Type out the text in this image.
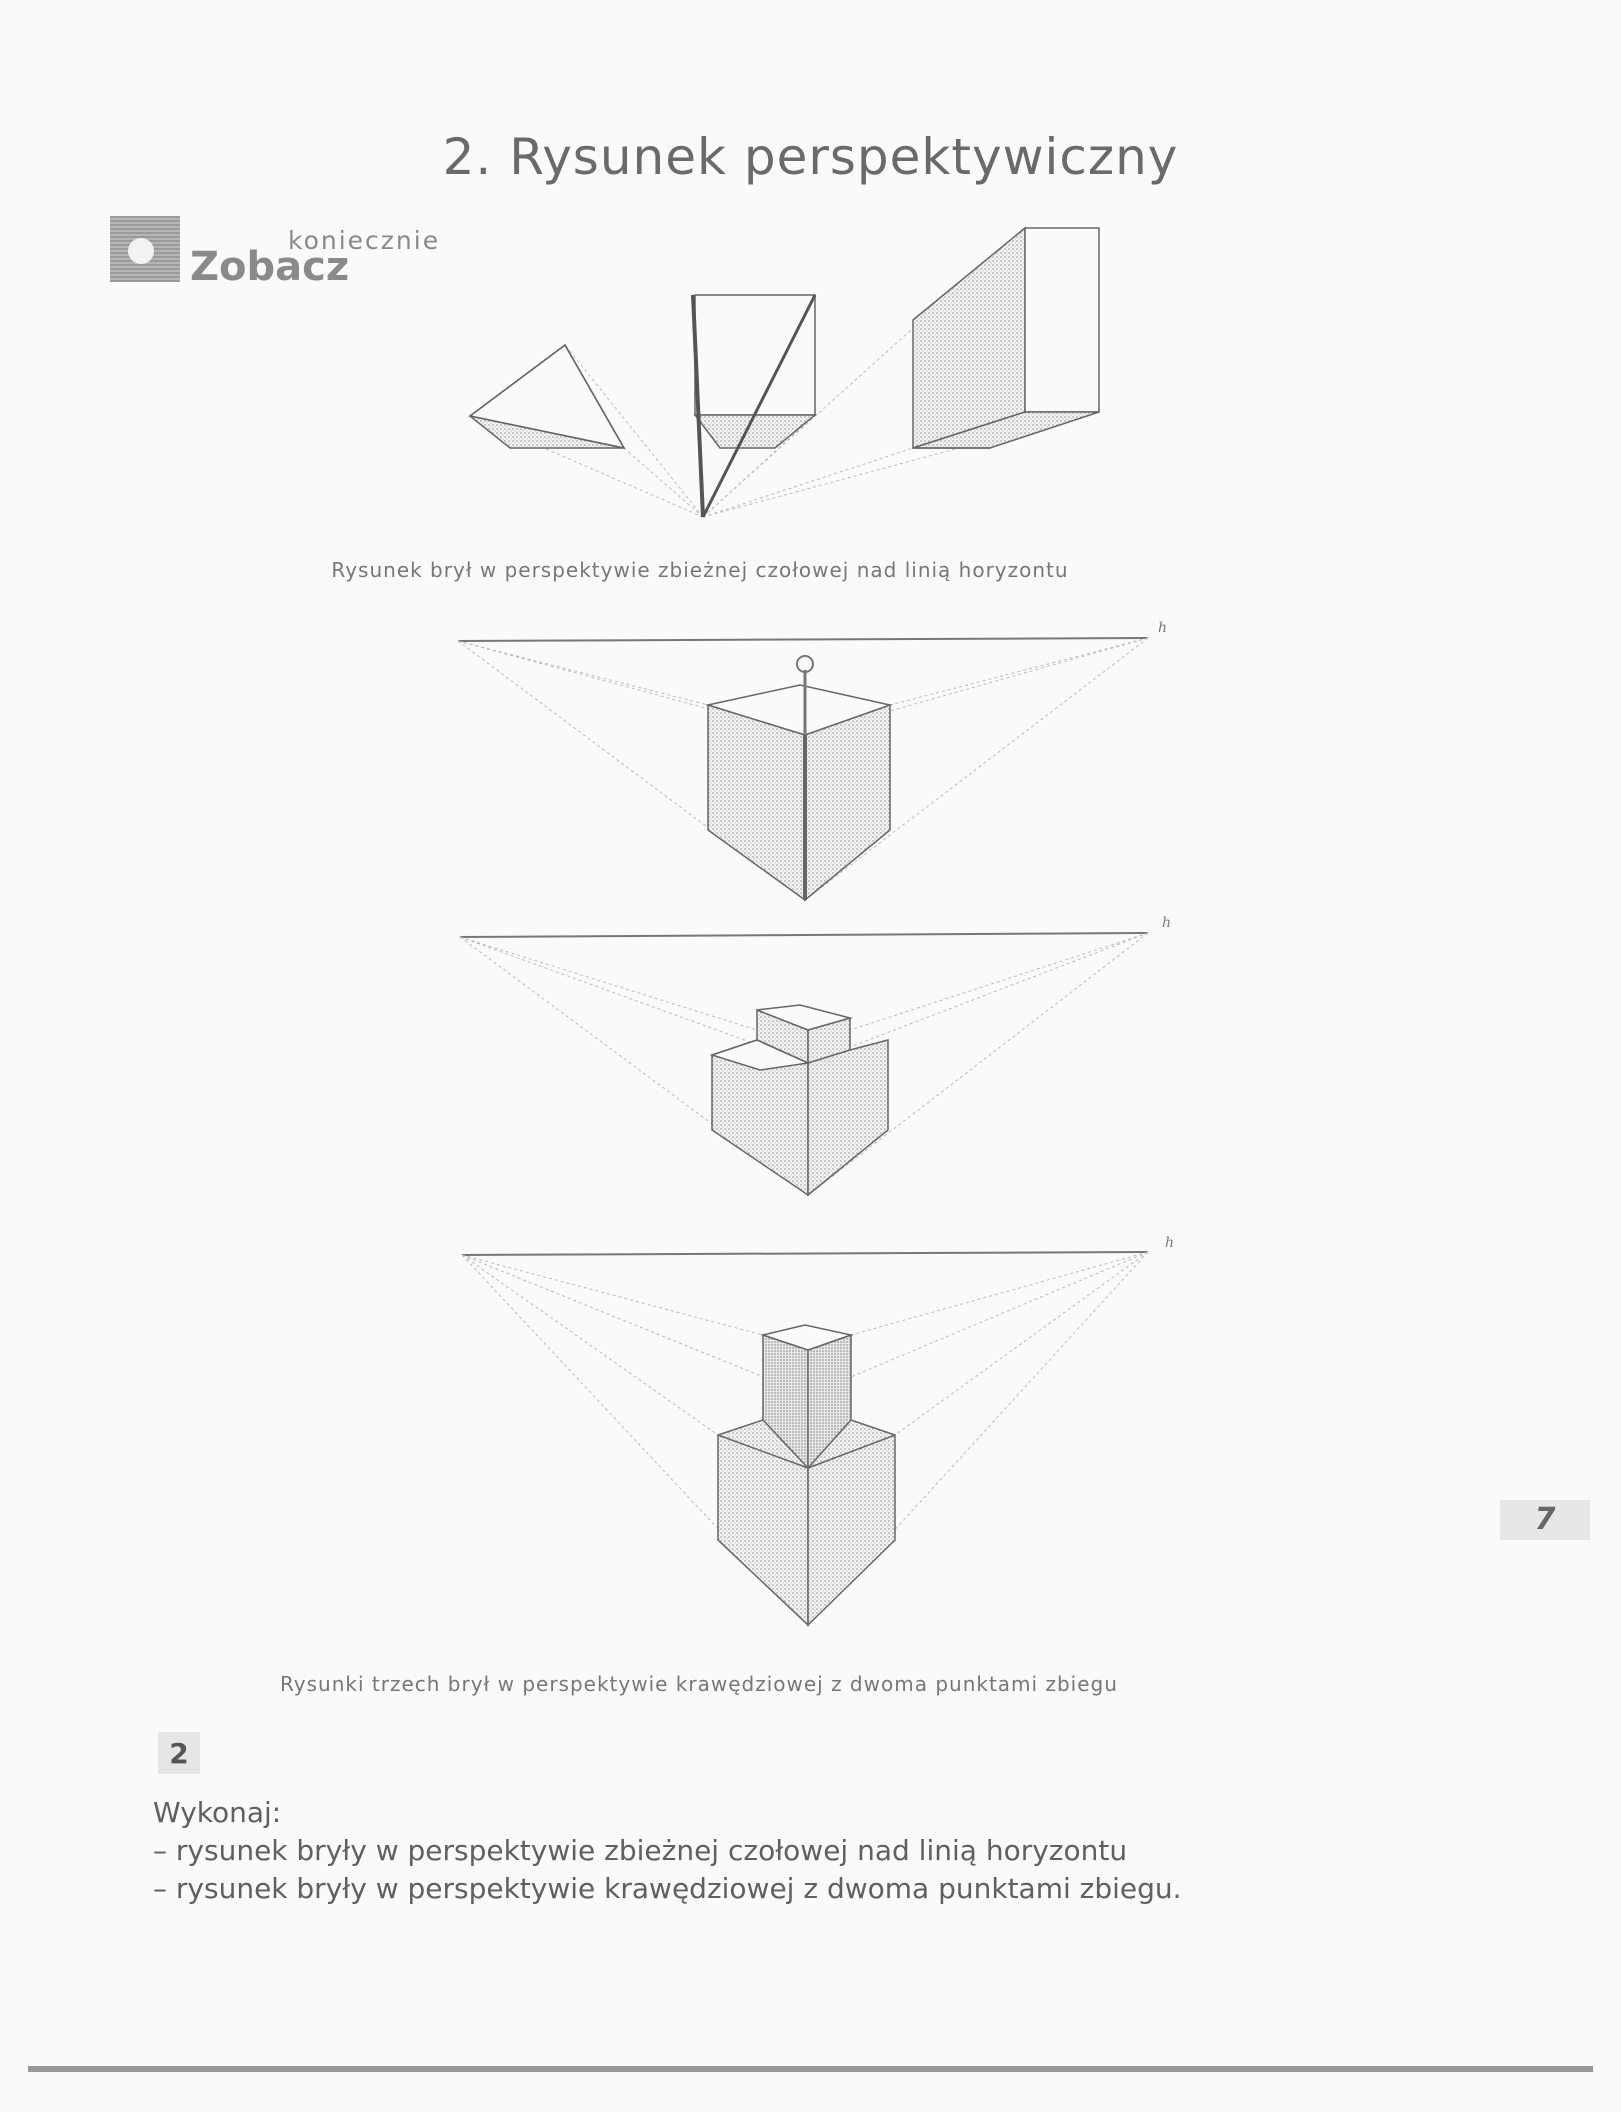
2. Rysunek perspektywiczny
Zobacz
koniecznie
Rysunek brył w perspektywie zbieżnej czołowej nad linią horyzontu
h
h
h
Rysunki trzech brył w perspektywie krawędziowej z dwoma punktami zbiegu
2
Wykonaj:
– rysunek bryły w perspektywie zbieżnej czołowej nad linią horyzontu
– rysunek bryły w perspektywie krawędziowej z dwoma punktami zbiegu.
7
